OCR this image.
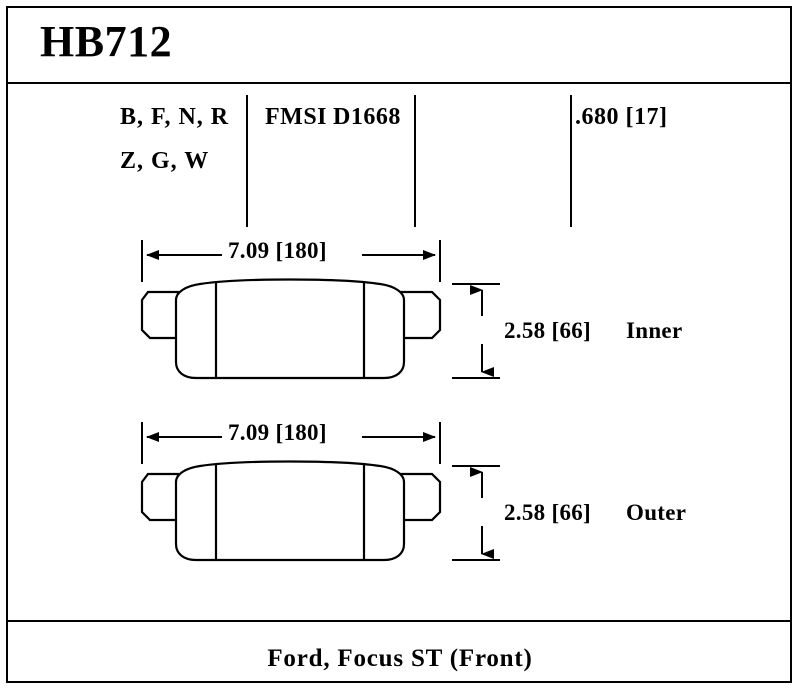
HB712
B, F, N, R
Z, G, W
FMSI D1668	.680 [17]
7.09 [180]
2.58 [66] Inner
7.09 [180]
2.58 [66] Outer
Ford, Focus ST (Front)
